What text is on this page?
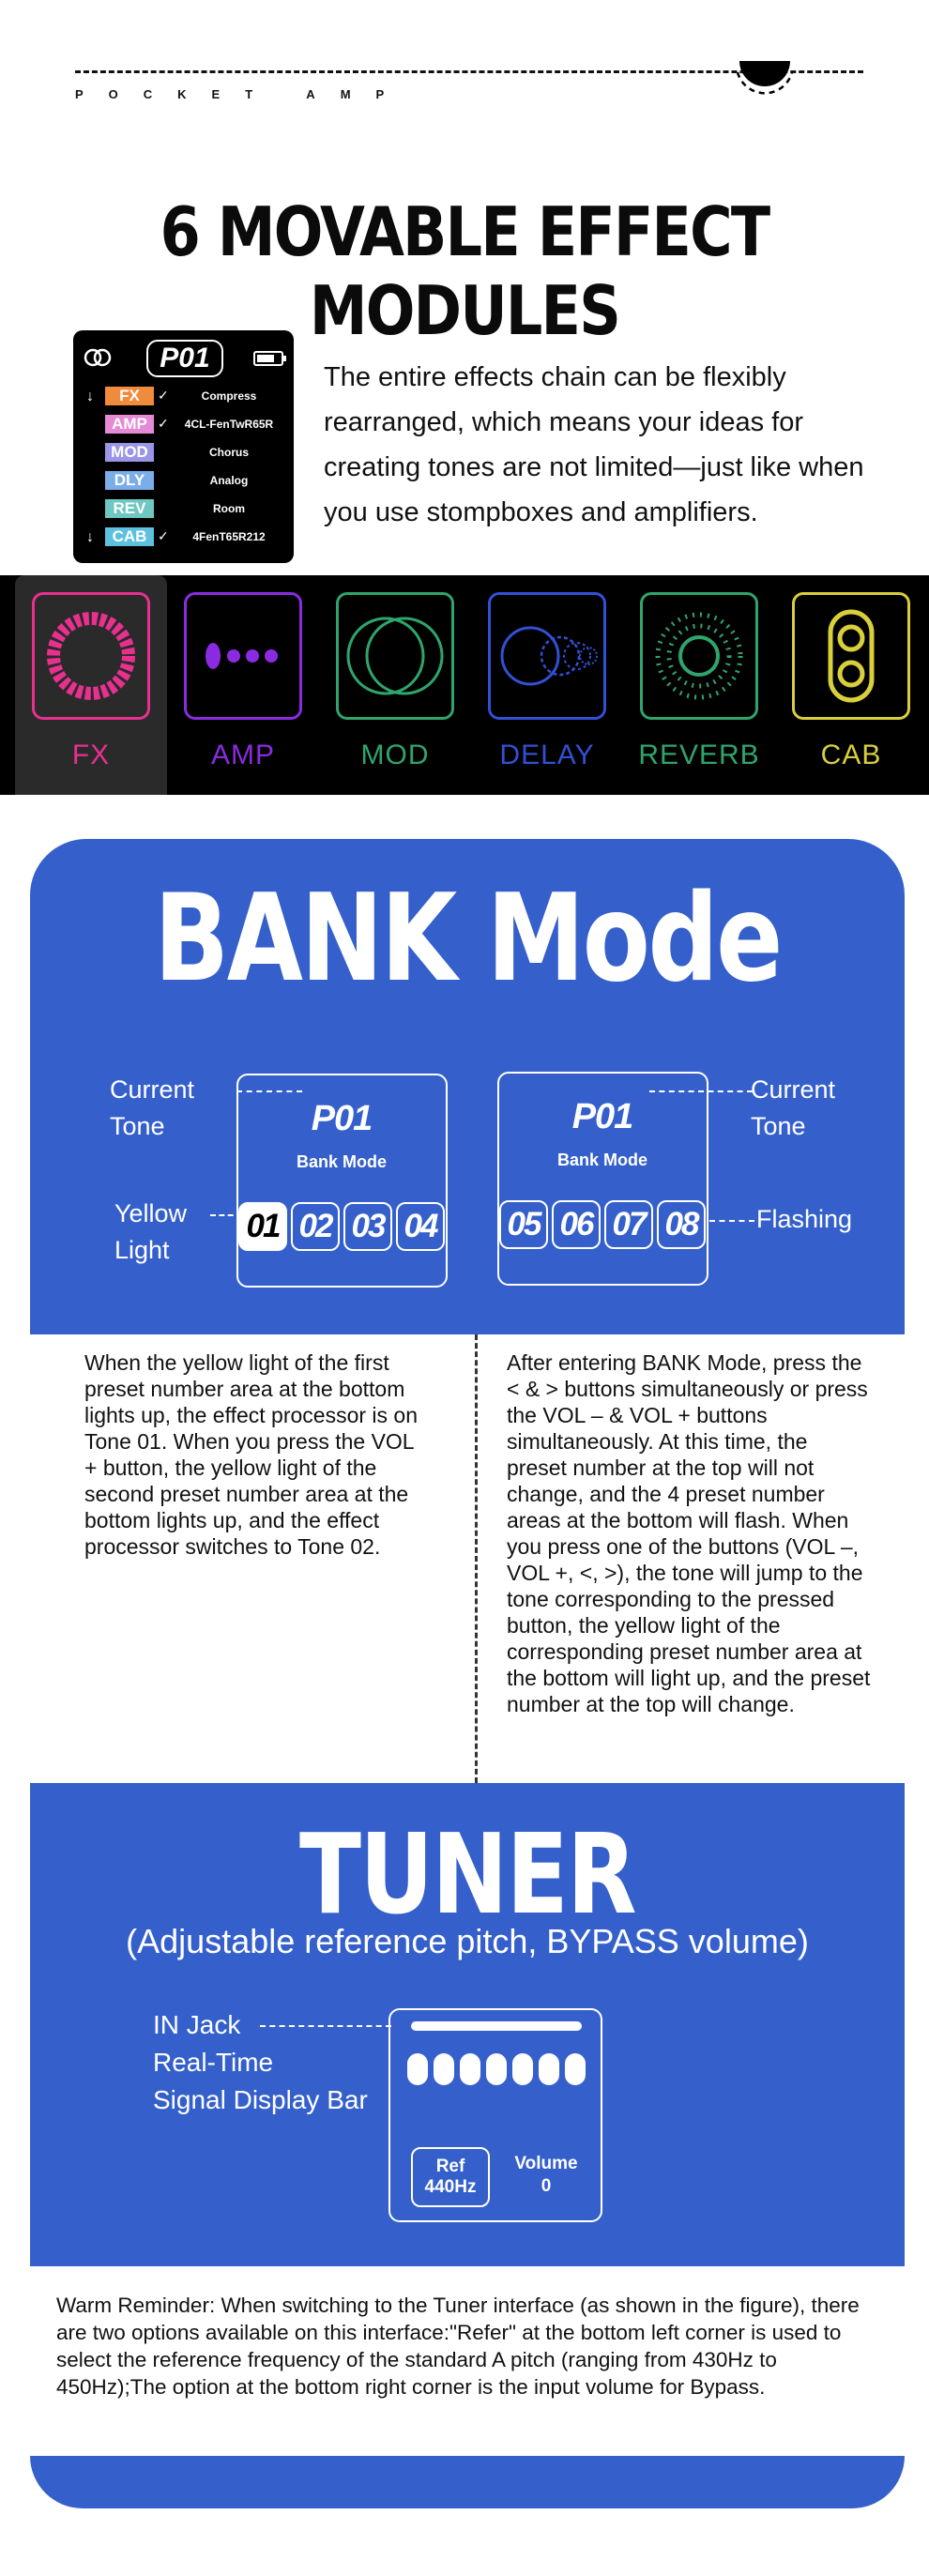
POCKET AMP
6 MOVABLE EFFECT MODULES
P01
↓	FX	✓	Compress
AMP ✓	4CL-FenTwR65R
MOD	Chorus
DLY	Analog
REV	Room
↓	CAB ✓	4FenT65R212
The entire effects chain can be flexibly rearranged, which means your ideas for creating tones are not limited—just like when you use stompboxes and amplifiers.
FX	AMP	MOD	DELAY	REVERB	CAB
BANK Mode
Current Tone
Yellow Light
P01
Bank Mode
01 02 03 04
P01
Bank Mode
05 06 07 08
Current Tone
Flashing
When the yellow light of the first preset number area at the bottom lights up, the effect processor is on Tone 01. When you press the VOL + button, the yellow light of the second preset number area at the bottom lights up, and the effect processor switches to Tone 02.
After entering BANK Mode, press the < & > buttons simultaneously or press the VOL – & VOL + buttons simultaneously. At this time, the preset number at the top will not change, and the 4 preset number areas at the bottom will flash. When you press one of the buttons (VOL –, VOL +, <, >), the tone will jump to the tone corresponding to the pressed button, the yellow light of the corresponding preset number area at the bottom will light up, and the preset number at the top will change.
TUNER
(Adjustable reference pitch, BYPASS volume)
IN Jack
Real-Time
Signal Display Bar
Ref
440Hz
Volume
0
Warm Reminder: When switching to the Tuner interface (as shown in the figure), there are two options available on this interface:"Refer" at the bottom left corner is used to select the reference frequency of the standard A pitch (ranging from 430Hz to 450Hz);The option at the bottom right corner is the input volume for Bypass.
